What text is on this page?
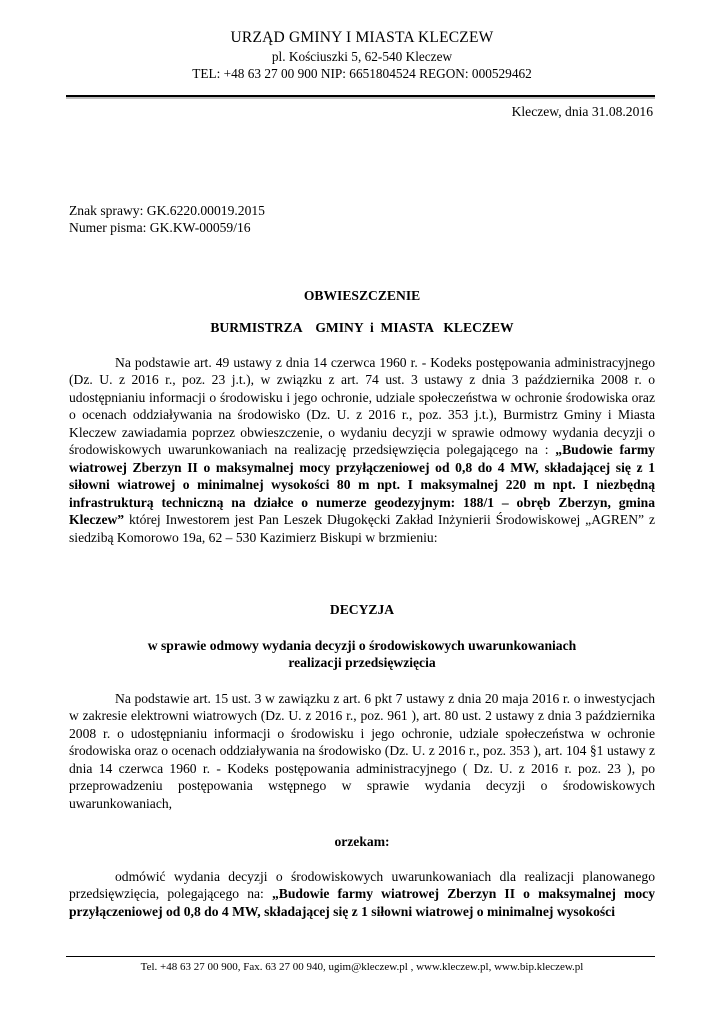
URZĄD GMINY I MIASTA KLECZEW
pl. Kościuszki 5, 62-540 Kleczew
TEL: +48 63 27 00 900 NIP: 6651804524 REGON: 000529462
Kleczew, dnia 31.08.2016
Znak sprawy: GK.6220.00019.2015
Numer pisma: GK.KW-00059/16
OBWIESZCZENIE
BURMISTRZA    GMINY  i  MIASTA   KLECZEW
Na podstawie art. 49 ustawy z dnia 14 czerwca 1960 r. - Kodeks postępowania administracyjnego (Dz. U. z 2016 r., poz. 23 j.t.), w związku z art. 74 ust. 3 ustawy z dnia 3 października 2008 r. o udostępnianiu informacji o środowisku i jego ochronie, udziale społeczeństwa w ochronie środowiska oraz o ocenach oddziaływania na środowisko (Dz. U. z 2016 r., poz. 353 j.t.), Burmistrz Gminy i Miasta Kleczew zawiadamia poprzez obwieszczenie, o wydaniu decyzji w sprawie odmowy wydania decyzji o środowiskowych uwarunkowaniach na realizację przedsięwzięcia polegającego na : „Budowie farmy wiatrowej Zberzyn II o maksymalnej mocy przyłączeniowej od 0,8 do 4 MW, składającej się z 1 siłowni wiatrowej o minimalnej wysokości 80 m npt. I maksymalnej 220 m npt. I niezbędną infrastrukturą techniczną na działce o numerze geodezyjnym: 188/1 – obręb Zberzyn, gmina Kleczew” której Inwestorem jest Pan Leszek Długokęcki Zakład Inżynierii Środowiskowej „AGREN” z siedzibą Komorowo 19a, 62 – 530 Kazimierz Biskupi w brzmieniu:
DECYZJA
w sprawie odmowy wydania decyzji o środowiskowych uwarunkowaniach
realizacji przedsięwzięcia
Na podstawie art. 15 ust. 3 w zawiązku z art. 6 pkt 7 ustawy z dnia 20 maja 2016 r. o inwestycjach w zakresie elektrowni wiatrowych (Dz. U. z 2016 r., poz. 961 ), art. 80 ust. 2 ustawy z dnia 3 października 2008 r. o udostępnianiu informacji o środowisku i jego ochronie, udziale społeczeństwa w ochronie środowiska oraz o ocenach oddziaływania na środowisko (Dz. U. z 2016 r., poz. 353 ), art. 104 §1 ustawy z dnia 14 czerwca 1960 r. - Kodeks postępowania administracyjnego ( Dz. U. z 2016 r. poz. 23 ), po przeprowadzeniu postępowania wstępnego w sprawie wydania decyzji o środowiskowych uwarunkowaniach,
orzekam:
odmówić wydania decyzji o środowiskowych uwarunkowaniach dla realizacji planowanego przedsięwzięcia, polegającego na: „Budowie farmy wiatrowej Zberzyn II o maksymalnej mocy przyłączeniowej od 0,8 do 4 MW, składającej się z 1 siłowni wiatrowej o minimalnej wysokości
Tel. +48 63 27 00 900, Fax. 63 27 00 940, ugim@kleczew.pl , www.kleczew.pl, www.bip.kleczew.pl
